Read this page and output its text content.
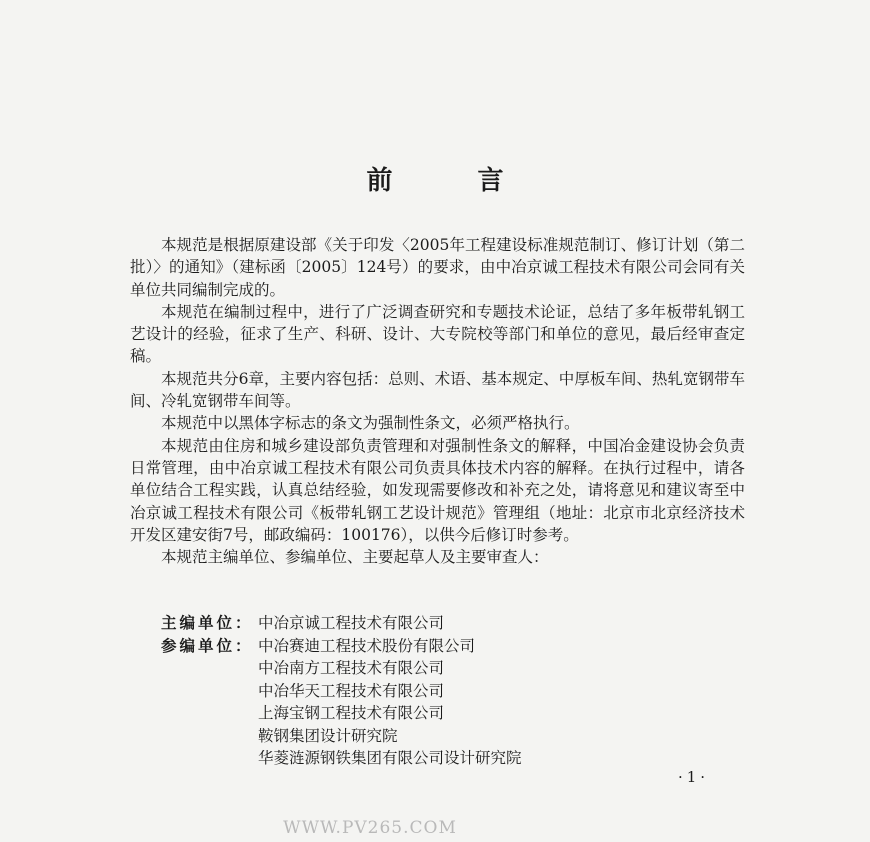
前 言

本规范是根据原建设部《关于印发〈2005年工程建设标准规范制订、修订计划（第二批）〉的通知》（建标函〔2005〕124号）的要求，由中冶京诚工程技术有限公司会同有关单位共同编制完成的。

本规范在编制过程中，进行了广泛调查研究和专题技术论证，总结了多年板带轧钢工艺设计的经验，征求了生产、科研、设计、大专院校等部门和单位的意见，最后经审查定稿。

本规范共分6章，主要内容包括：总则、术语、基本规定、中厚板车间、热轧宽钢带车间、冷轧宽钢带车间等。

本规范中以黑体字标志的条文为强制性条文，必须严格执行。

本规范由住房和城乡建设部负责管理和对强制性条文的解释，中国冶金建设协会负责日常管理，由中冶京诚工程技术有限公司负责具体技术内容的解释。在执行过程中，请各单位结合工程实践，认真总结经验，如发现需要修改和补充之处，请将意见和建议寄至中冶京诚工程技术有限公司《板带轧钢工艺设计规范》管理组（地址：北京市北京经济技术开发区建安街7号，邮政编码：100176），以供今后修订时参考。

本规范主编单位、参编单位、主要起草人及主要审查人：

主编单位： 中冶京诚工程技术有限公司
参编单位： 中冶赛迪工程技术股份有限公司
中冶南方工程技术有限公司
中冶华天工程技术有限公司
上海宝钢工程技术有限公司
鞍钢集团设计研究院
华菱涟源钢铁集团有限公司设计研究院
·1·
WWW.PV265.COM
